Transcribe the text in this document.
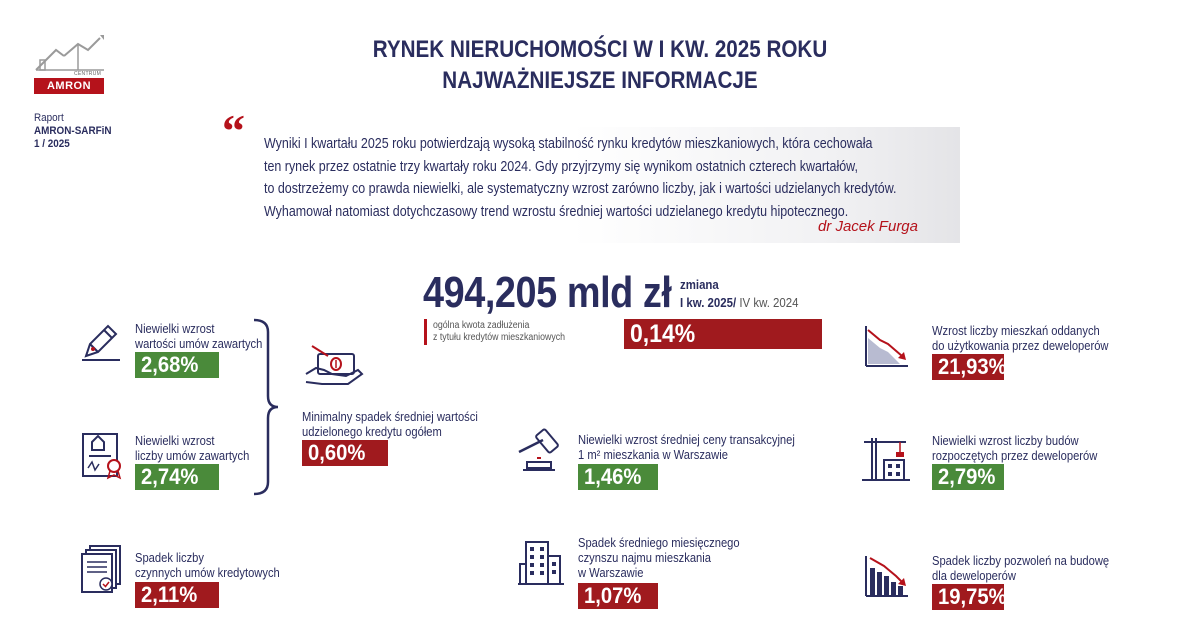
CENTRUM
AMRON
RYNEK NIERUCHOMOŚCI W I KW. 2025 ROKU
NAJWAŻNIEJSZE INFORMACJE
Raport
AMRON-SARFiN
1 / 2025	“ Wyniki I kwartału 2025 roku potwierdzają wysoką stabilność rynku kredytów mieszkaniowych, która cechowała

ten rynek przez ostatnie trzy kwartały roku 2024. Gdy przyjrzymy się wynikom ostatnich czterech kwartałów,

to dostrzeżemy co prawda niewielki, ale systematyczny wzrost zarówno liczby, jak i wartości udzielanych kredytów.

Wyhamował natomiast dotychczasowy trend wzrostu średniej wartości udzielanego kredytu hipotecznego.

dr Jacek Furga
494,205 mld zł zmiana
I kw. 2025/ IV kw. 2024
ogólna kwota zadłużenia
z tytułu kredytów mieszkaniowych	0,14%
Niewielki wzrost
wartości umów zawartych
2,68%
Niewielki wzrost
liczby umów zawartych
2,74%
Spadek liczby
czynnych umów kredytowych
2,11%
Minimalny spadek średniej wartości
udzielonego kredytu ogółem
0,60%
Niewielki wzrost średniej ceny transakcyjnej
1 m² mieszkania w Warszawie
1,46%
Spadek średniego miesięcznego
czynszu najmu mieszkania
w Warszawie
1,07%
Wzrost liczby mieszkań oddanych
do użytkowania przez deweloperów
21,93%
Niewielki wzrost liczby budów
rozpoczętych przez deweloperów
2,79%
Spadek liczby pozwoleń na budowę
dla deweloperów
19,75%
